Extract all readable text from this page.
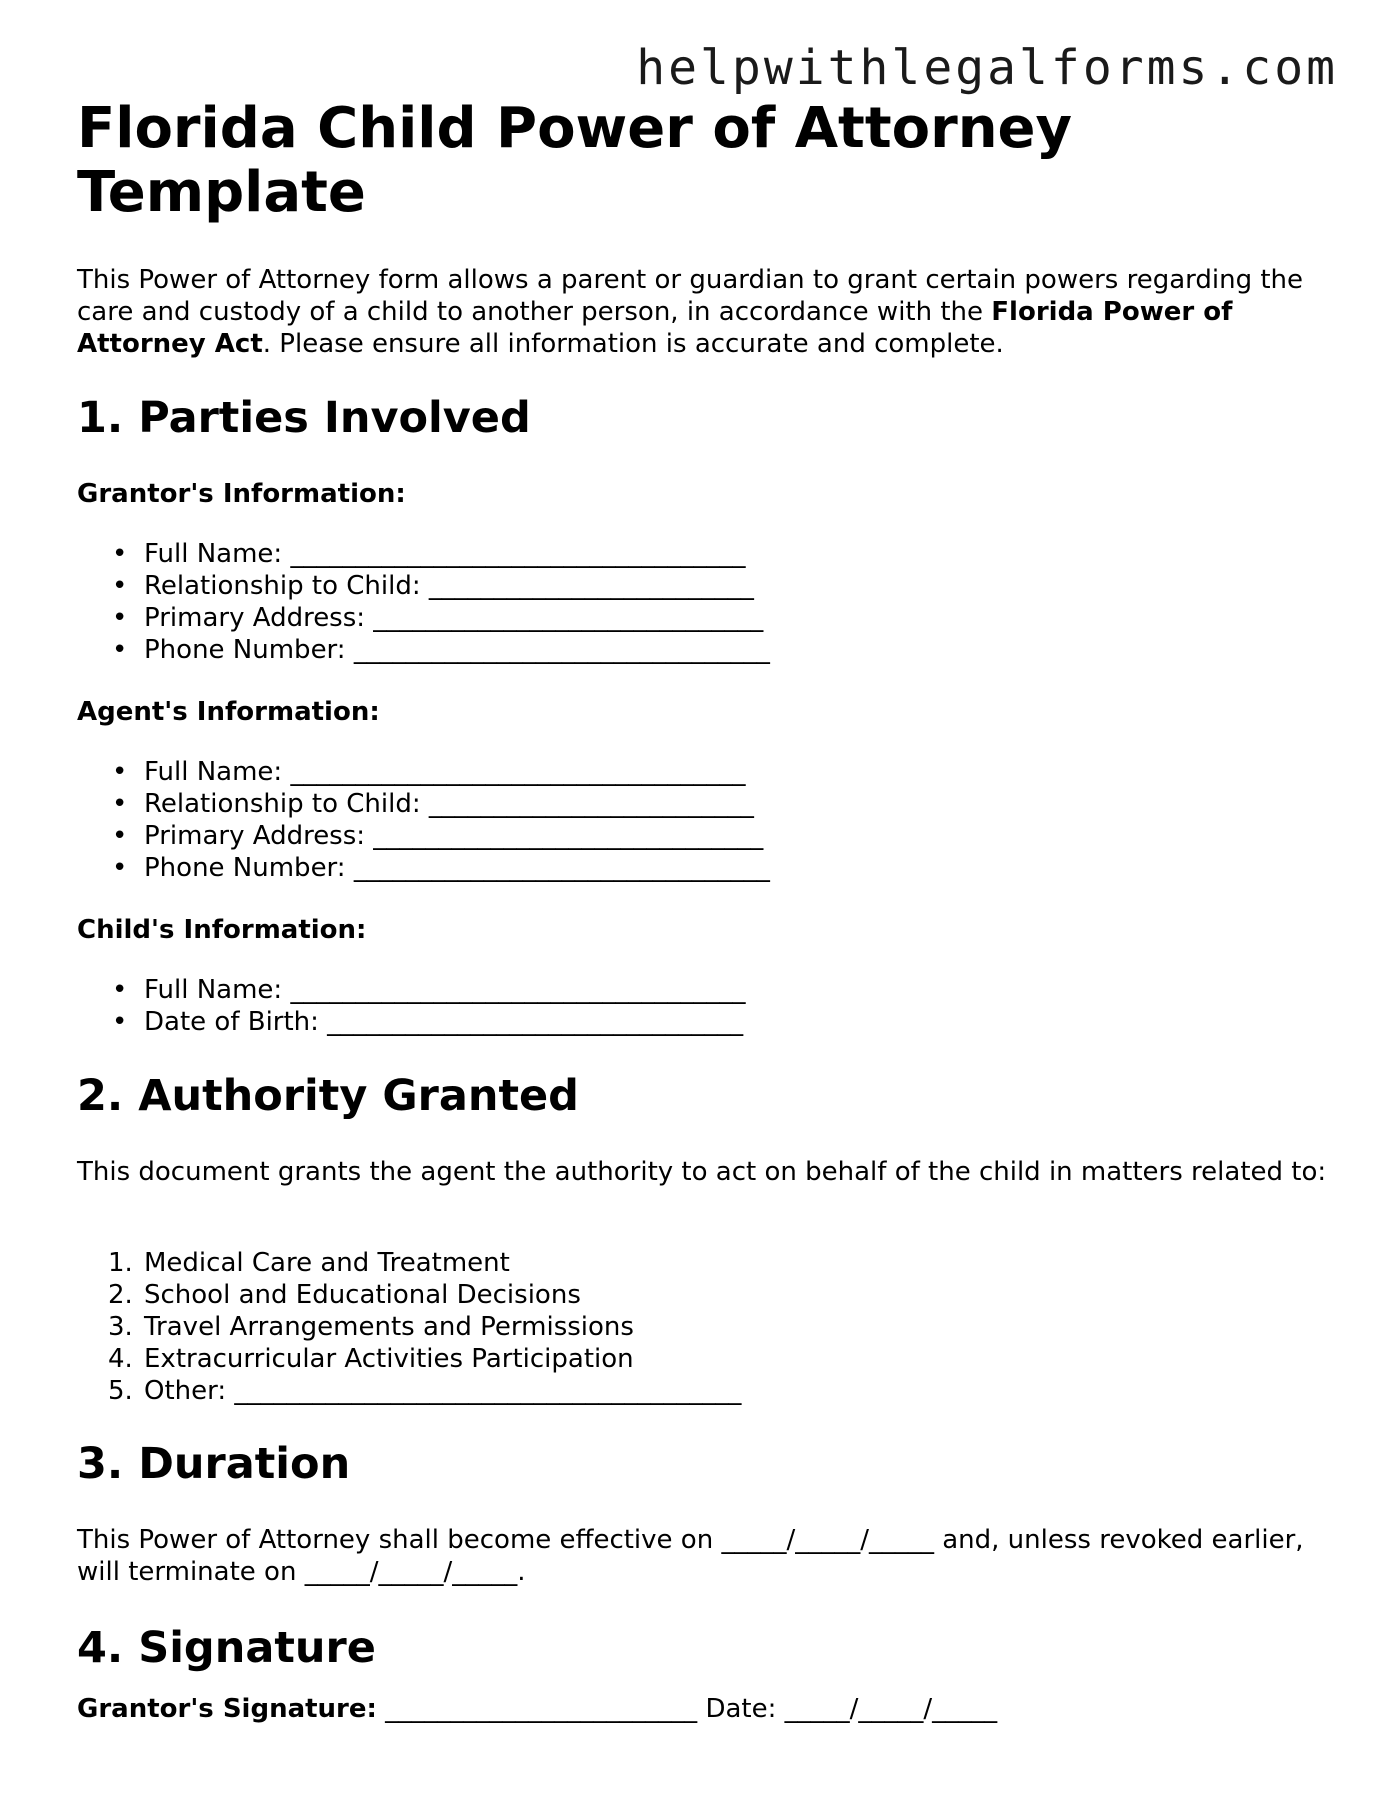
helpwithlegalforms.com
Florida Child Power of Attorney Template

This Power of Attorney form allows a parent or guardian to grant certain powers regarding the care and custody of a child to another person, in accordance with the Florida Power of Attorney Act. Please ensure all information is accurate and complete.

1. Parties Involved
Grantor's Information:
• Full Name: ___________________________________
• Relationship to Child: _________________________
• Primary Address: ______________________________
• Phone Number: ________________________________
Agent's Information:
• Full Name: ___________________________________
• Relationship to Child: _________________________
• Primary Address: ______________________________
• Phone Number: ________________________________
Child's Information:
• Full Name: ___________________________________
• Date of Birth: ________________________________
2. Authority Granted

This document grants the agent the authority to act on behalf of the child in matters related to:

1. Medical Care and Treatment
2. School and Educational Decisions
3. Travel Arrangements and Permissions
4. Extracurricular Activities Participation
5. Other: _______________________________________
3. Duration

This Power of Attorney shall become effective on _____/_____/_____ and, unless revoked earlier, will terminate on _____/_____/_____.

4. Signature

Grantor's Signature: ________________________ Date: _____/_____/_____
